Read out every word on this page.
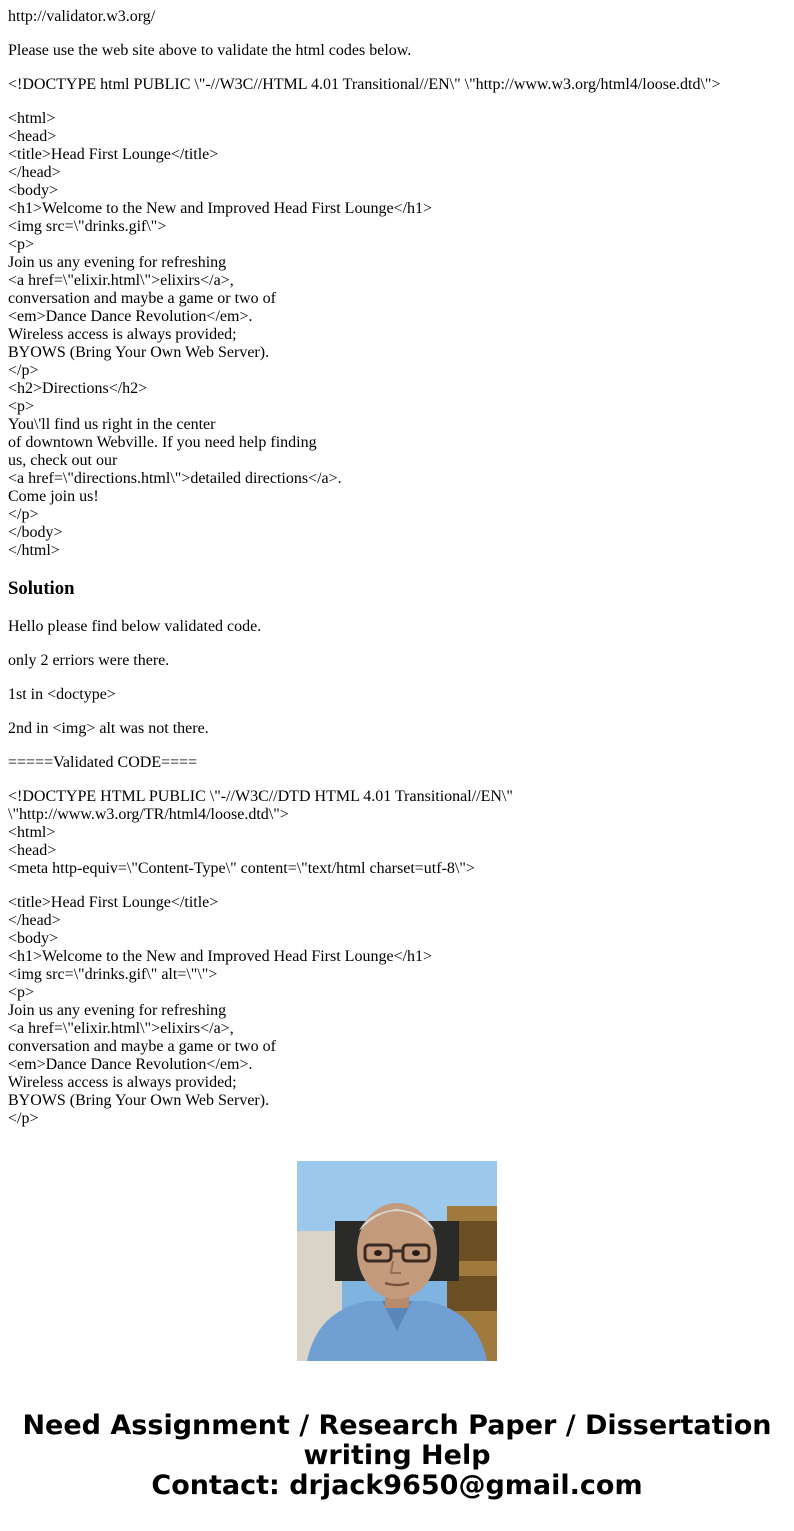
http://validator.w3.org/

Please use the web site above to validate the html codes below.

<!DOCTYPE html PUBLIC \"-//W3C//HTML 4.01 Transitional//EN\" \"http://www.w3.org/html4/loose.dtd\">

<html>
<head>
<title>Head First Lounge</title>
</head>
<body>
<h1>Welcome to the New and Improved Head First Lounge</h1>
<img src=\"drinks.gif\">
<p>
Join us any evening for refreshing
<a href=\"elixir.html\">elixirs</a>,
conversation and maybe a game or two of
<em>Dance Dance Revolution</em>.
Wireless access is always provided;
BYOWS (Bring Your Own Web Server).
</p>
<h2>Directions</h2>
<p>
You\'ll find us right in the center
of downtown Webville. If you need help finding
us, check out our
<a href=\"directions.html\">detailed directions</a>.
Come join us!
</p>
</body>
</html>
Solution

Hello please find below validated code.

only 2 erriors were there.

1st in <doctype>

2nd in <img> alt was not there.

=====Validated CODE====

<!DOCTYPE HTML PUBLIC \"-//W3C//DTD HTML 4.01 Transitional//EN\"
\"http://www.w3.org/TR/html4/loose.dtd\">
<html>
<head>
<meta http-equiv=\"Content-Type\" content=\"text/html charset=utf-8\">
<title>Head First Lounge</title>
</head>
<body>
<h1>Welcome to the New and Improved Head First Lounge</h1>
<img src=\"drinks.gif\" alt=\"\">
<p>
Join us any evening for refreshing
<a href=\"elixir.html\">elixirs</a>,
conversation and maybe a game or two of
<em>Dance Dance Revolution</em>.
Wireless access is always provided;
BYOWS (Bring Your Own Web Server).
</p>
Need Assignment / Research Paper / Dissertation
writing Help
Contact: drjack9650@gmail.com
